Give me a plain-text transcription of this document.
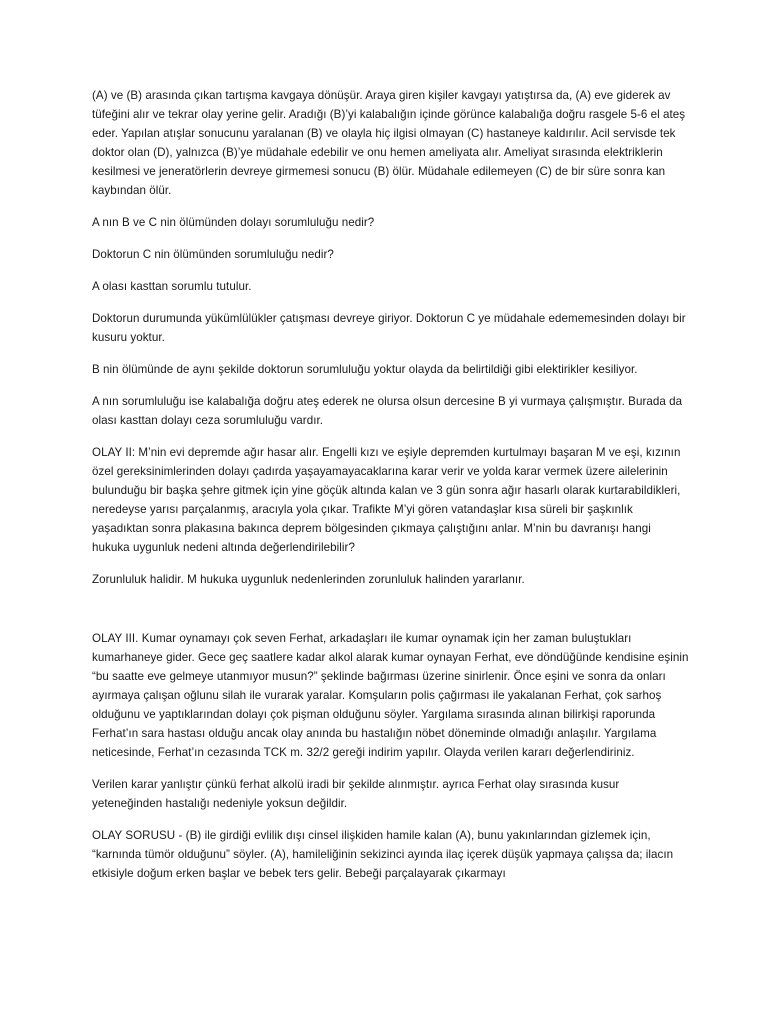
(A) ve (B) arasında çıkan tartışma kavgaya dönüşür. Araya giren kişiler kavgayı yatıştırsa da, (A) eve giderek av tüfeğini alır ve tekrar olay yerine gelir. Aradığı (B)’yi kalabalığın içinde görünce kalabalığa doğru rasgele 5-6 el ateş eder. Yapılan atışlar sonucunu yaralanan (B) ve olayla hiç ilgisi olmayan (C) hastaneye kaldırılır. Acil servisde tek doktor olan (D), yalnızca (B)’ye müdahale edebilir ve onu hemen ameliyata alır. Ameliyat sırasında elektriklerin kesilmesi ve jeneratörlerin devreye girmemesi sonucu (B) ölür. Müdahale edilemeyen (C) de bir süre sonra kan kaybından ölür.

A nın B ve C nin ölümünden dolayı sorumluluğu nedir?

Doktorun C nin ölümünden sorumluluğu nedir?

A olası kasttan sorumlu tutulur.

Doktorun durumunda yükümlülükler çatışması devreye giriyor. Doktorun C ye müdahale edememesinden dolayı bir kusuru yoktur.

B nin ölümünde de aynı şekilde doktorun sorumluluğu yoktur olayda da belirtildiği gibi elektirikler kesiliyor.

A nın sorumluluğu ise kalabalığa doğru ateş ederek ne olursa olsun dercesine B yi vurmaya çalışmıştır. Burada da olası kasttan dolayı ceza sorumluluğu vardır.

OLAY II: M’nin evi depremde ağır hasar alır. Engelli kızı ve eşiyle depremden kurtulmayı başaran M ve eşi, kızının özel gereksinimlerinden dolayı çadırda yaşayamayacaklarına karar verir ve yolda karar vermek üzere ailelerinin bulunduğu bir başka şehre gitmek için yine göçük altında kalan ve 3 gün sonra ağır hasarlı olarak kurtarabildikleri, neredeyse yarısı parçalanmış, aracıyla yola çıkar. Trafikte M’yi gören vatandaşlar kısa süreli bir şaşkınlık yaşadıktan sonra plakasına bakınca deprem bölgesinden çıkmaya çalıştığını anlar. M’nin bu davranışı hangi hukuka uygunluk nedeni altında değerlendirilebilir?

Zorunluluk halidir. M hukuka uygunluk nedenlerinden zorunluluk halinden yararlanır.

OLAY III. Kumar oynamayı çok seven Ferhat, arkadaşları ile kumar oynamak için her zaman buluştukları kumarhaneye gider. Gece geç saatlere kadar alkol alarak kumar oynayan Ferhat, eve döndüğünde kendisine eşinin “bu saatte eve gelmeye utanmıyor musun?” şeklinde bağırması üzerine sinirlenir. Önce eşini ve sonra da onları ayırmaya çalışan oğlunu silah ile vurarak yaralar. Komşuların polis çağırması ile yakalanan Ferhat, çok sarhoş olduğunu ve yaptıklarından dolayı çok pişman olduğunu söyler. Yargılama sırasında alınan bilirkişi raporunda Ferhat’ın sara hastası olduğu ancak olay anında bu hastalığın nöbet döneminde olmadığı anlaşılır. Yargılama neticesinde, Ferhat’ın cezasında TCK m. 32/2 gereği indirim yapılır. Olayda verilen kararı değerlendiriniz.

Verilen karar yanlıştır çünkü ferhat alkolü iradi bir şekilde alınmıştır. ayrıca Ferhat olay sırasında kusur yeteneğinden hastalığı nedeniyle yoksun değildir.

OLAY SORUSU - (B) ile girdiği evlilik dışı cinsel ilişkiden hamile kalan (A), bunu yakınlarından gizlemek için, “karnında tümör olduğunu” söyler. (A), hamileliğinin sekizinci ayında ilaç içerek düşük yapmaya çalışsa da; ilacın etkisiyle doğum erken başlar ve bebek ters gelir. Bebeği parçalayarak çıkarmayı
